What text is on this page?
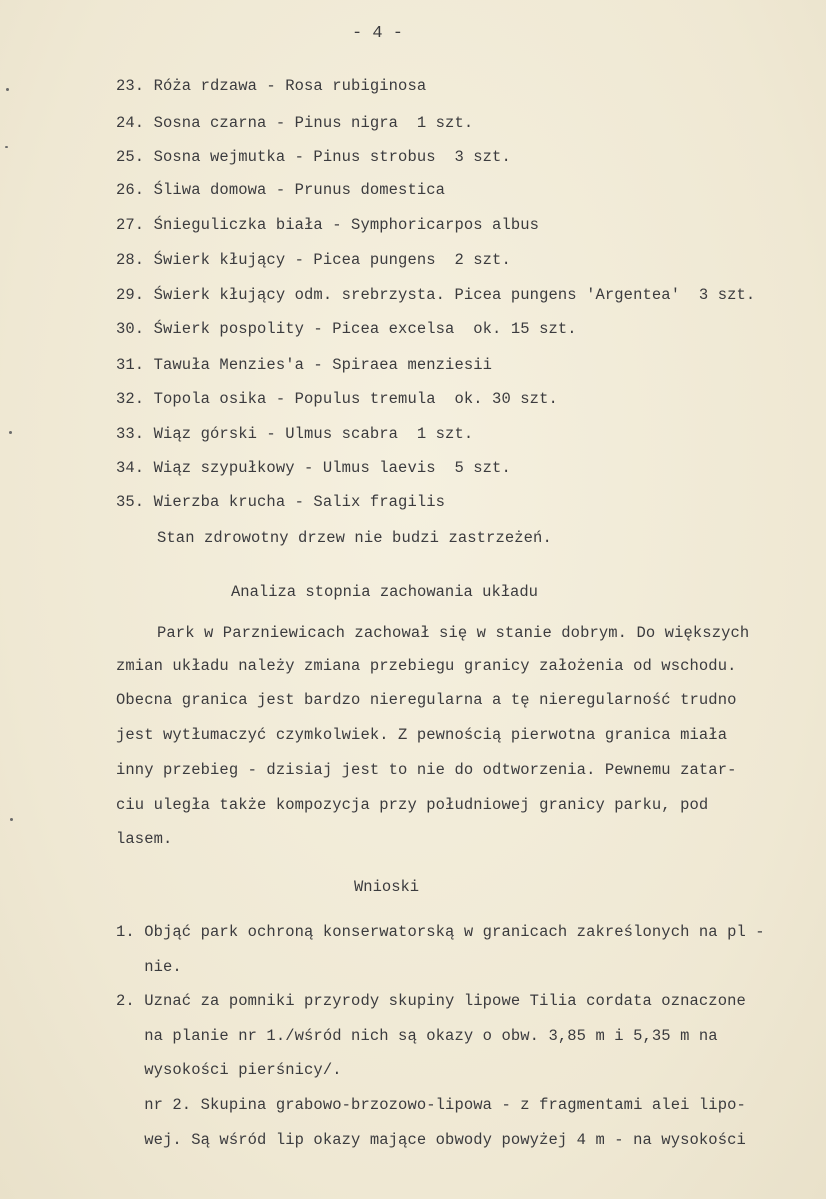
- 4 -
23. Róża rdzawa - Rosa rubiginosa
24. Sosna czarna - Pinus nigra  1 szt.
25. Sosna wejmutka - Pinus strobus  3 szt.
26. Śliwa domowa - Prunus domestica
27. Śnieguliczka biała - Symphoricarpos albus
28. Świerk kłujący - Picea pungens  2 szt.
29. Świerk kłujący odm. srebrzysta. Picea pungens 'Argentea'  3 szt.
30. Świerk pospolity - Picea excelsa  ok. 15 szt.
31. Tawuła Menzies'a - Spiraea menziesii
32. Topola osika - Populus tremula  ok. 30 szt.
33. Wiąz górski - Ulmus scabra  1 szt.
34. Wiąz szypułkowy - Ulmus laevis  5 szt.
35. Wierzba krucha - Salix fragilis
Stan zdrowotny drzew nie budzi zastrzeżeń.
Analiza stopnia zachowania układu
Park w Parzniewicach zachował się w stanie dobrym. Do większych
zmian układu należy zmiana przebiegu granicy założenia od wschodu.
Obecna granica jest bardzo nieregularna a tę nieregularność trudno
jest wytłumaczyć czymkolwiek. Z pewnością pierwotna granica miała
inny przebieg - dzisiaj jest to nie do odtworzenia. Pewnemu zatar-
ciu uległa także kompozycja przy południowej granicy parku, pod
lasem.
Wnioski
1. Objąć park ochroną konserwatorską w granicach zakreślonych na pl -
nie.
2. Uznać za pomniki przyrody skupiny lipowe Tilia cordata oznaczone
na planie nr 1./wśród nich są okazy o obw. 3,85 m i 5,35 m na
wysokości pierśnicy/.
nr 2. Skupina grabowo-brzozowo-lipowa - z fragmentami alei lipo-
wej. Są wśród lip okazy mające obwody powyżej 4 m - na wysokości
